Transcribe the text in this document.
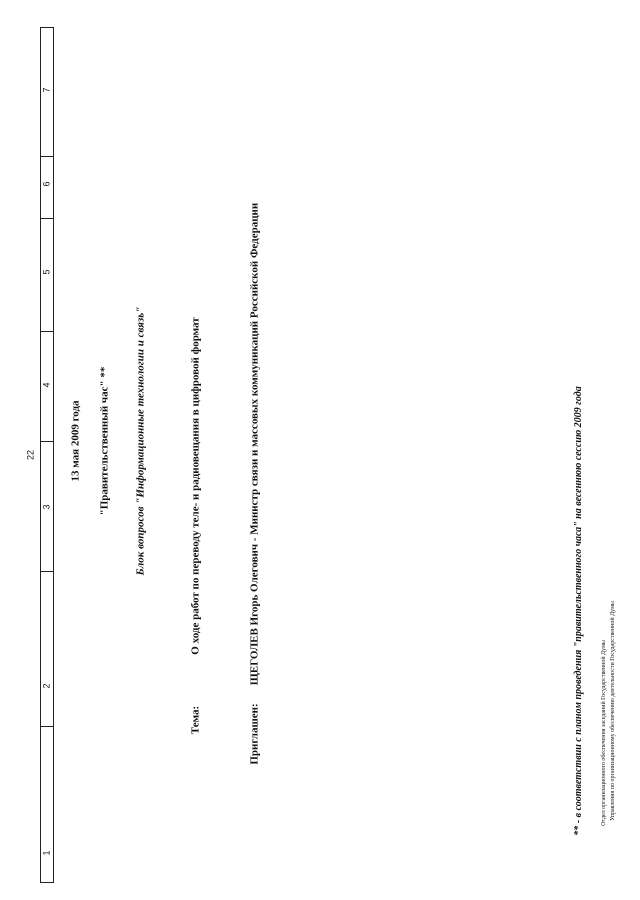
1
2
3
4
5
6
7
22	13 мая 2009 года "Правительственный час" ** Блок вопросов "Информационные технологии и связь"
Тема:
О ходе работ по переводу теле- и радиовещания в цифровой формат
Приглашен:
ЩЕГОЛЕВ Игорь Олегович - Министр связи и массовых коммуникаций Российской Федерации	** - в соответствии с планом проведения "правительственного часа" на весеннюю сессию 2009 года	Отдел организационного обеспечения заседаний Государственной Думы Управления по организационному обеспечению деятельности Государственной Думы
